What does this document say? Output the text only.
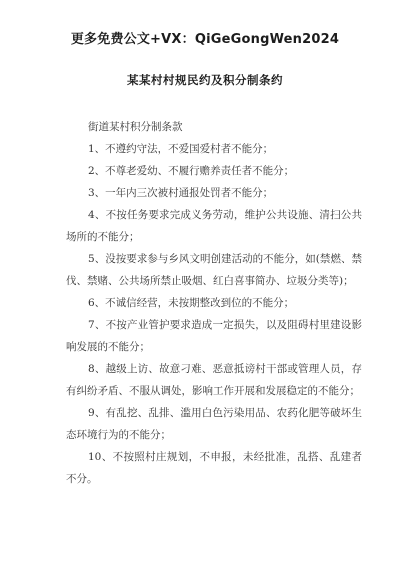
更多免费公文+VX：QiGeGongWen2024
某某村村规民约及积分制条约

街道某村积分制条款

1、不遵约守法，不爱国爱村者不能分；

2、不尊老爱幼、不履行赡养责任者不能分；

3、一年内三次被村通报处罚者不能分；

4、不按任务要求完成义务劳动，维护公共设施、清扫公共场所的不能分；

5、没按要求参与乡风文明创建活动的不能分，如(禁燃、禁伐、禁赌、公共场所禁止吸烟、红白喜事简办、垃圾分类等)；

6、不诚信经营，未按期整改到位的不能分；

7、不按产业管护要求造成一定损失，以及阻碍村里建设影响发展的不能分；

8、越级上访、故意刁难、恶意抵谤村干部或管理人员，存有纠纷矛盾、不服从调处，影响工作开展和发展稳定的不能分；

9、有乱挖、乱排、滥用白色污染用品、农药化肥等破坏生态环境行为的不能分；

10、不按照村庄规划，不申报，未经批准，乱搭、乱建者不分。
